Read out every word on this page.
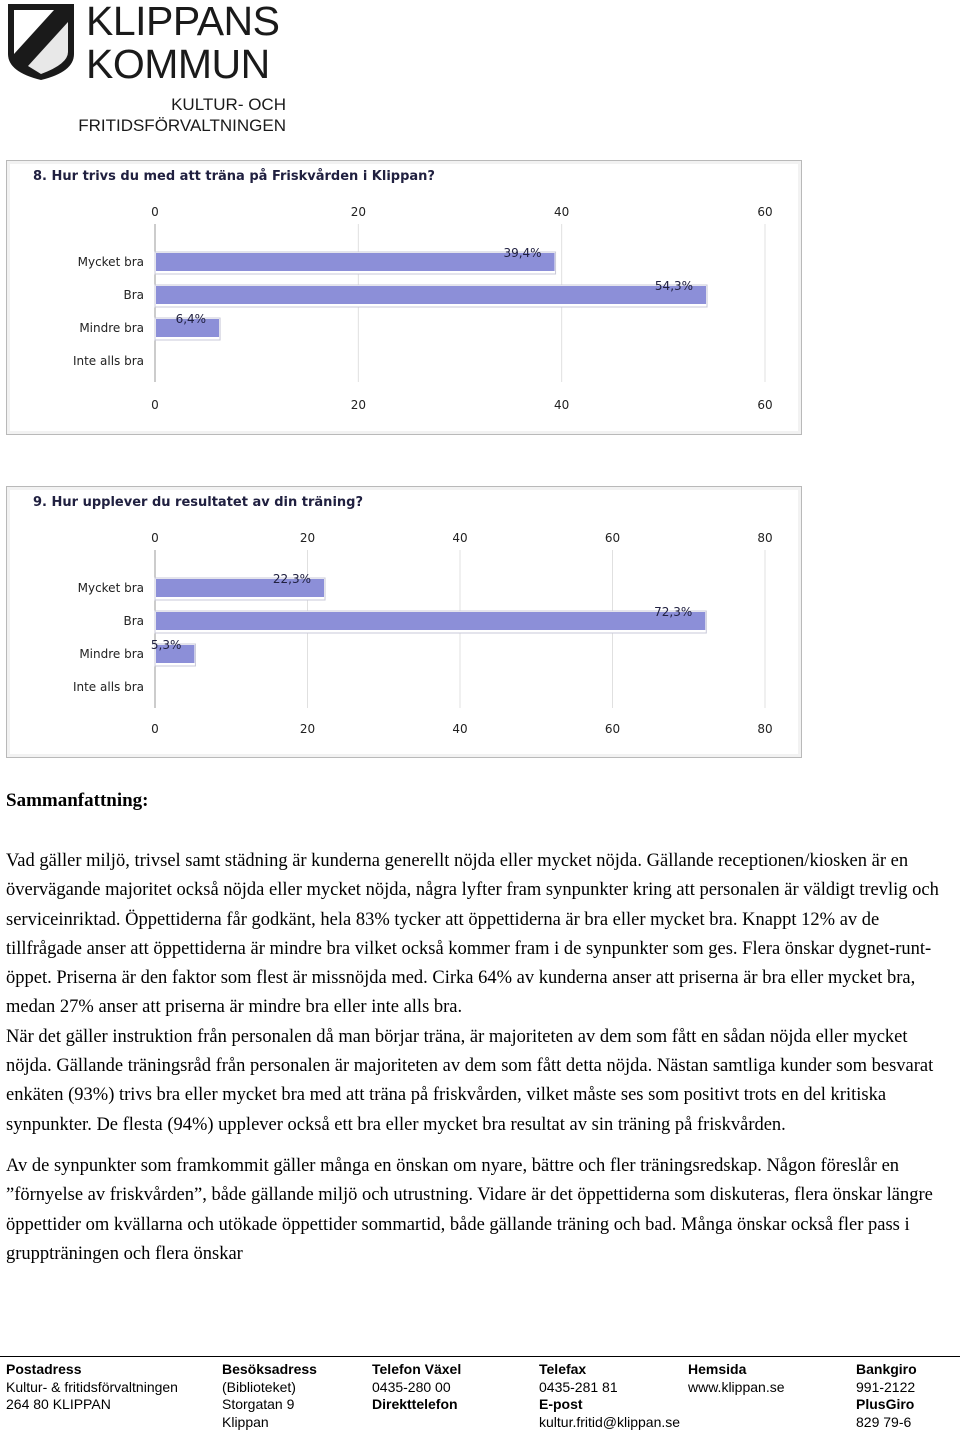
KLIPPANS
KOMMUN
KULTUR- OCH
FRITIDSFÖRVALTNINGEN
8. Hur trivs du med att träna på Friskvården i Klippan?
0
0
20
20
40
40
60
60
Mycket bra
39,4%
Bra
54,3%
Mindre bra
6,4%
Inte alls bra
9. Hur upplever du resultatet av din träning?
0
0
20
20
40
40
60
60
80
80
Mycket bra
22,3%
Bra
72,3%
Mindre bra
5,3%
Inte alls bra
Sammanfattning:

Vad gäller miljö, trivsel samt städning är kunderna generellt nöjda eller mycket nöjda. Gällande receptionen/kiosken är en övervägande majoritet också nöjda eller mycket nöjda, några lyfter fram synpunkter kring att personalen är väldigt trevlig och serviceinriktad. Öppettiderna får godkänt, hela 83% tycker att öppettiderna är bra eller mycket bra. Knappt 12% av de tillfrågade anser att öppettiderna är mindre bra vilket också kommer fram i de synpunkter som ges. Flera önskar dygnet-runt-öppet. Priserna är den faktor som flest är missnöjda med. Cirka 64% av kunderna anser att priserna är bra eller mycket bra, medan 27% anser att priserna är mindre bra eller inte alls bra.
När det gäller instruktion från personalen då man börjar träna, är majoriteten av dem som fått en sådan nöjda eller mycket nöjda. Gällande träningsråd från personalen är majoriteten av dem som fått detta nöjda. Nästan samtliga kunder som besvarat enkäten (93%) trivs bra eller mycket bra med att träna på friskvården, vilket måste ses som positivt trots en del kritiska synpunkter. De flesta (94%) upplever också ett bra eller mycket bra resultat av sin träning på friskvården.

Av de synpunkter som framkommit gäller många en önskan om nyare, bättre och fler träningsredskap. Någon föreslår en ”förnyelse av friskvården”, både gällande miljö och utrustning. Vidare är det öppettiderna som diskuteras, flera önskar längre öppettider om kvällarna och utökade öppettider sommartid, både gällande träning och bad. Många önskar också fler pass i gruppträningen och flera önskar

Postadress
Kultur- & fritidsförvaltningen
264 80 KLIPPAN
Besöksadress
(Biblioteket)
Storgatan 9
Klippan
Telefon Växel
0435-280 00
Direkttelefon
Telefax
0435-281 81
E-post
kultur.fritid@klippan.se
Hemsida
www.klippan.se
Bankgiro
991-2122
PlusGiro
829 79-6
